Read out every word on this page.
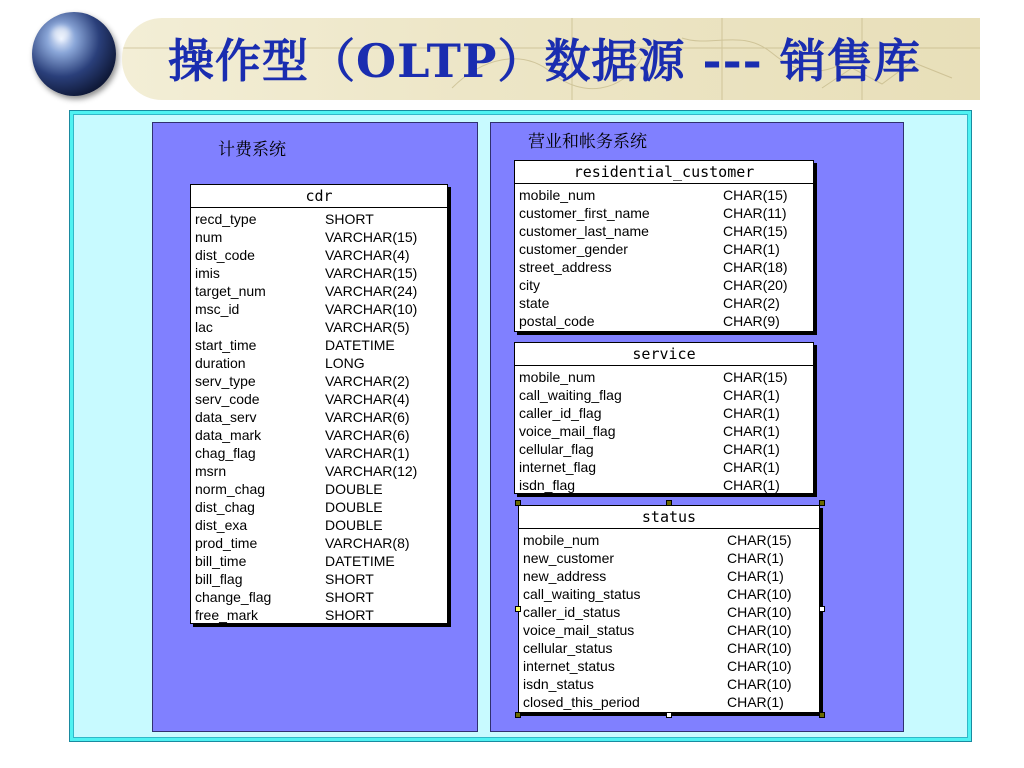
操作型（OLTP）数据源 --- 销售库
计费系统	营业和帐务系统
cdr
recd_type	SHORT
num	VARCHAR(15)
dist_code	VARCHAR(4)
imis	VARCHAR(15)
target_num	VARCHAR(24)
msc_id	VARCHAR(10)
lac	VARCHAR(5)
start_time	DATETIME
duration	LONG
serv_type	VARCHAR(2)
serv_code	VARCHAR(4)
data_serv	VARCHAR(6)
data_mark	VARCHAR(6)
chag_flag	VARCHAR(1)
msrn	VARCHAR(12)
norm_chag	DOUBLE
dist_chag	DOUBLE
dist_exa	DOUBLE
prod_time	VARCHAR(8)
bill_time	DATETIME
bill_flag	SHORT
change_flag	SHORT
free_mark	SHORT
residential_customer
mobile_num	CHAR(15)
customer_first_name	CHAR(11)
customer_last_name	CHAR(15)
customer_gender	CHAR(1)
street_address	CHAR(18)
city	CHAR(20)
state	CHAR(2)
postal_code	CHAR(9)
service
mobile_num	CHAR(15)
call_waiting_flag	CHAR(1)
caller_id_flag	CHAR(1)
voice_mail_flag	CHAR(1)
cellular_flag	CHAR(1)
internet_flag	CHAR(1)
isdn_flag	CHAR(1)
status
mobile_num	CHAR(15)
new_customer	CHAR(1)
new_address	CHAR(1)
call_waiting_status	CHAR(10)
caller_id_status	CHAR(10)
voice_mail_status	CHAR(10)
cellular_status	CHAR(10)
internet_status	CHAR(10)
isdn_status	CHAR(10)
closed_this_period	CHAR(1)
